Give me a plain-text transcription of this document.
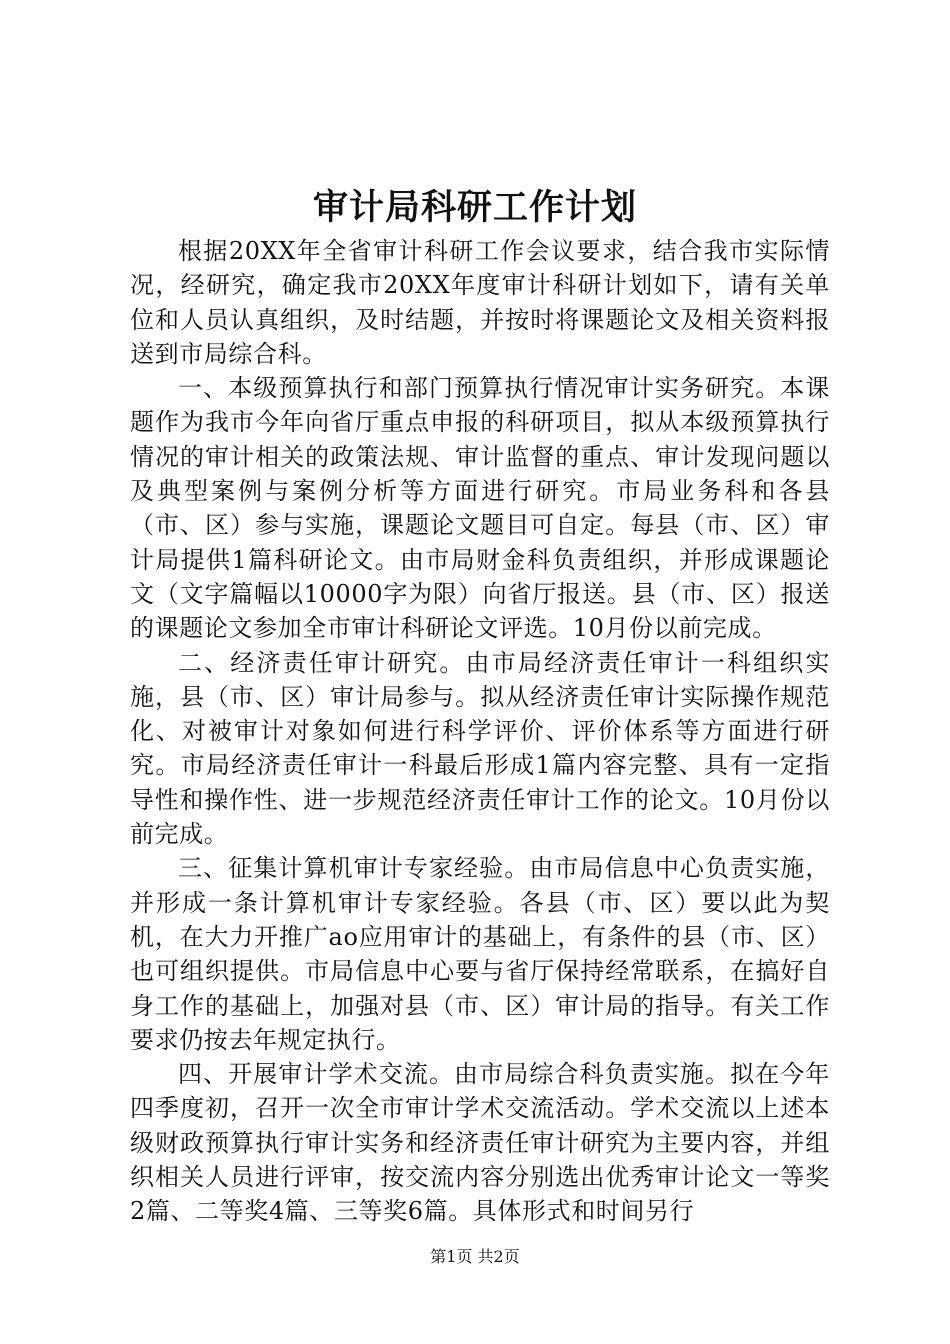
审计局科研工作计划

根据20XX年全省审计科研工作会议要求，结合我市实际情况，经研究，确定我市20XX年度审计科研计划如下，请有关单位和人员认真组织，及时结题，并按时将课题论文及相关资料报送到市局综合科。

一、本级预算执行和部门预算执行情况审计实务研究。本课题作为我市今年向省厅重点申报的科研项目，拟从本级预算执行情况的审计相关的政策法规、审计监督的重点、审计发现问题以及典型案例与案例分析等方面进行研究。市局业务科和各县（市、区）参与实施，课题论文题目可自定。每县（市、区）审计局提供1篇科研论文。由市局财金科负责组织，并形成课题论文（文字篇幅以10000字为限）向省厅报送。县（市、区）报送的课题论文参加全市审计科研论文评选。10月份以前完成。

二、经济责任审计研究。由市局经济责任审计一科组织实施，县（市、区）审计局参与。拟从经济责任审计实际操作规范化、对被审计对象如何进行科学评价、评价体系等方面进行研究。市局经济责任审计一科最后形成1篇内容完整、具有一定指导性和操作性、进一步规范经济责任审计工作的论文。10月份以前完成。

三、征集计算机审计专家经验。由市局信息中心负责实施，并形成一条计算机审计专家经验。各县（市、区）要以此为契机，在大力开推广ao应用审计的基础上，有条件的县（市、区）也可组织提供。市局信息中心要与省厅保持经常联系，在搞好自身工作的基础上，加强对县（市、区）审计局的指导。有关工作要求仍按去年规定执行。

四、开展审计学术交流。由市局综合科负责实施。拟在今年四季度初，召开一次全市审计学术交流活动。学术交流以上述本级财政预算执行审计实务和经济责任审计研究为主要内容，并组织相关人员进行评审，按交流内容分别选出优秀审计论文一等奖2篇、二等奖4篇、三等奖6篇。具体形式和时间另行

第1页 共2页
